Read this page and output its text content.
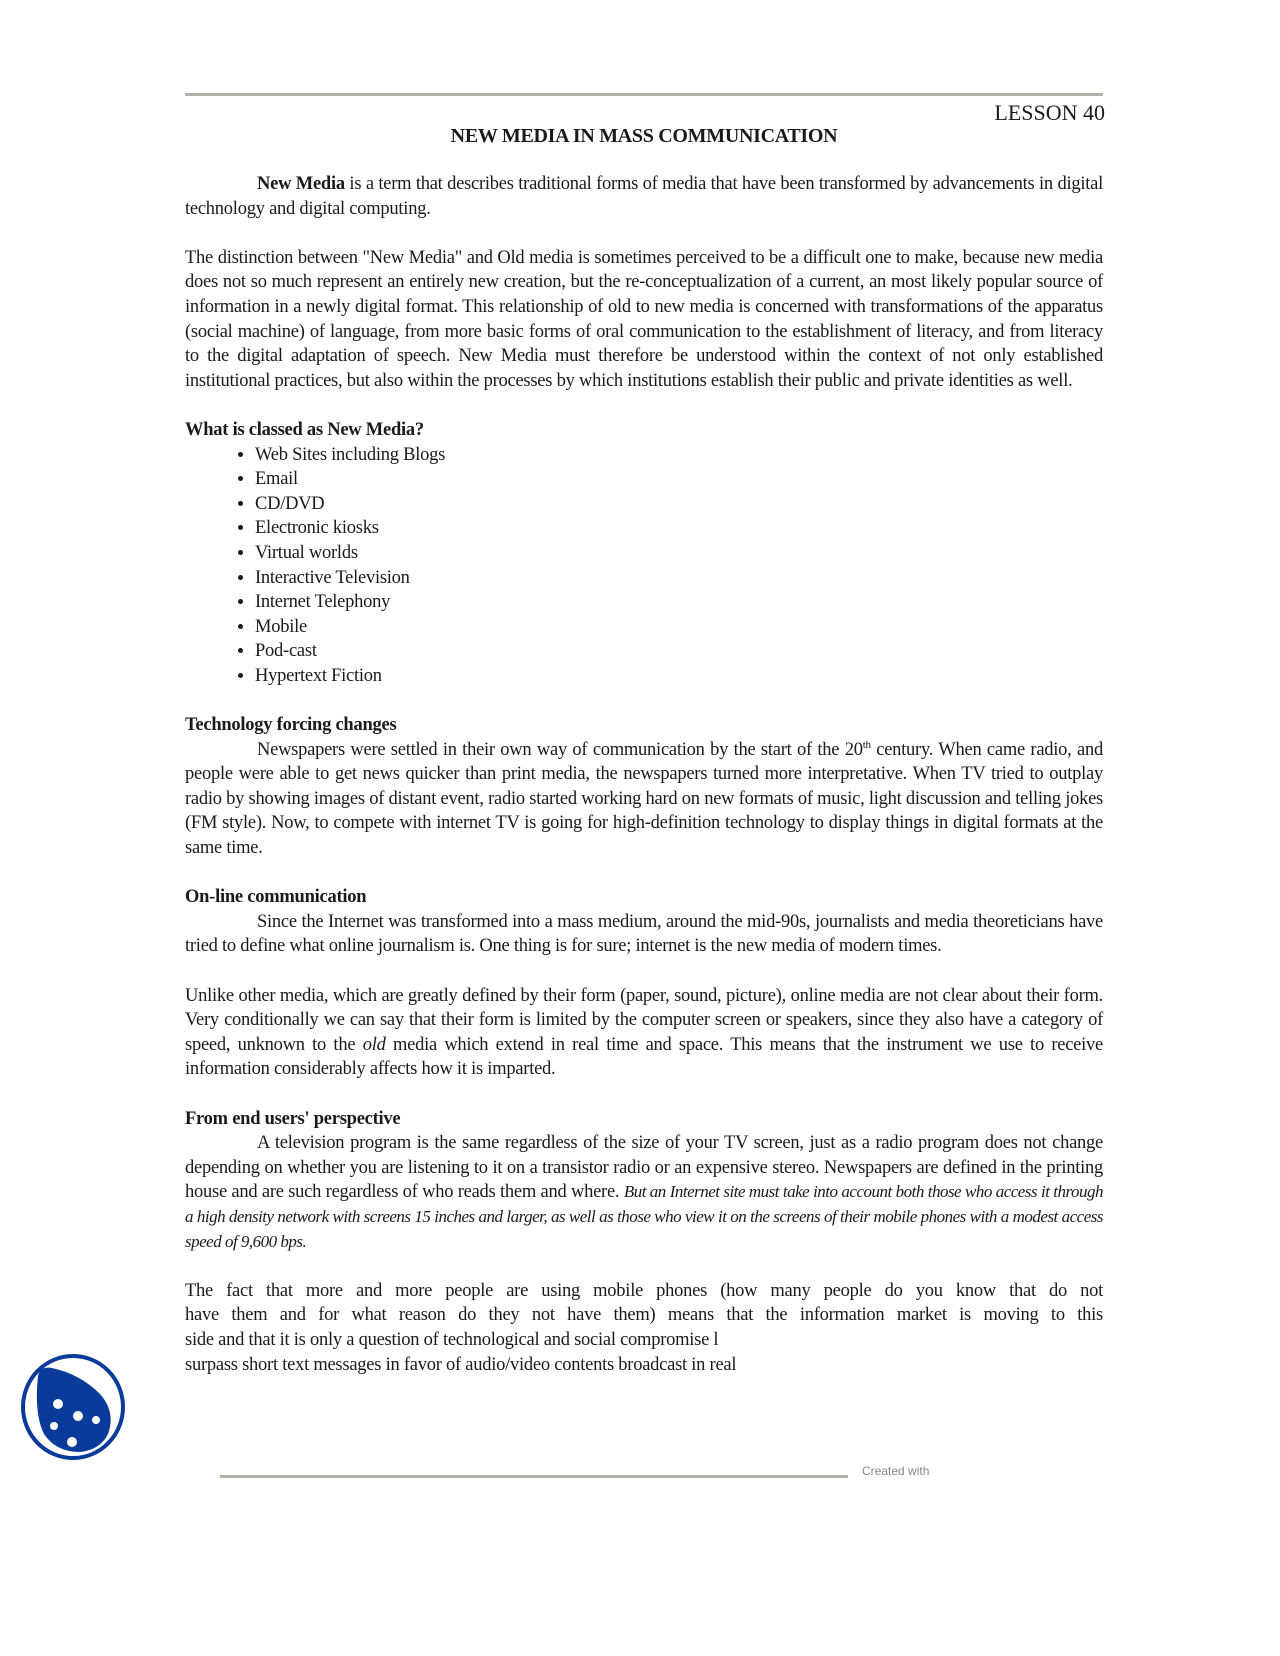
LESSON 40
NEW MEDIA IN MASS COMMUNICATION

New Media is a term that describes traditional forms of media that have been transformed by advancements in digital technology and digital computing.

The distinction between "New Media" and Old media is sometimes perceived to be a difficult one to make, because new media does not so much represent an entirely new creation, but the re-conceptualization of a current, an most likely popular source of information in a newly digital format. This relationship of old to new media is concerned with transformations of the apparatus (social machine) of language, from more basic forms of oral communication to the establishment of literacy, and from literacy to the digital adaptation of speech. New Media must therefore be understood within the context of not only established institutional practices, but also within the processes by which institutions establish their public and private identities as well.

What is classed as New Media?
• Web Sites including Blogs
• Email
• CD/DVD
• Electronic kiosks
• Virtual worlds
• Interactive Television
• Internet Telephony
• Mobile
• Pod-cast
• Hypertext Fiction
Technology forcing changes

Newspapers were settled in their own way of communication by the start of the 20th century. When came radio, and people were able to get news quicker than print media, the newspapers turned more interpretative. When TV tried to outplay radio by showing images of distant event, radio started working hard on new formats of music, light discussion and telling jokes (FM style). Now, to compete with internet TV is going for high-definition technology to display things in digital formats at the same time.

On-line communication

Since the Internet was transformed into a mass medium, around the mid-90s, journalists and media theoreticians have tried to define what online journalism is. One thing is for sure; internet is the new media of modern times.

Unlike other media, which are greatly defined by their form (paper, sound, picture), online media are not clear about their form. Very conditionally we can say that their form is limited by the computer screen or speakers, since they also have a category of speed, unknown to the old media which extend in real time and space. This means that the instrument we use to receive information considerably affects how it is imparted.

From end users' perspective

A television program is the same regardless of the size of your TV screen, just as a radio program does not change depending on whether you are listening to it on a transistor radio or an expensive stereo. Newspapers are defined in the printing house and are such regardless of who reads them and where. But an Internet site must take into account both those who access it through a high density network with screens 15 inches and larger, as well as those who view it on the screens of their mobile phones with a modest access speed of 9,600 bps.

The fact that more and more people are using mobile phones (how many people do you know that do not
have them and for what reason do they not have them) means that the information market is moving to this
side and that it is only a question of technological and social compromise l
surpass short text messages in favor of audio/video contents broadcast in real

Created with
